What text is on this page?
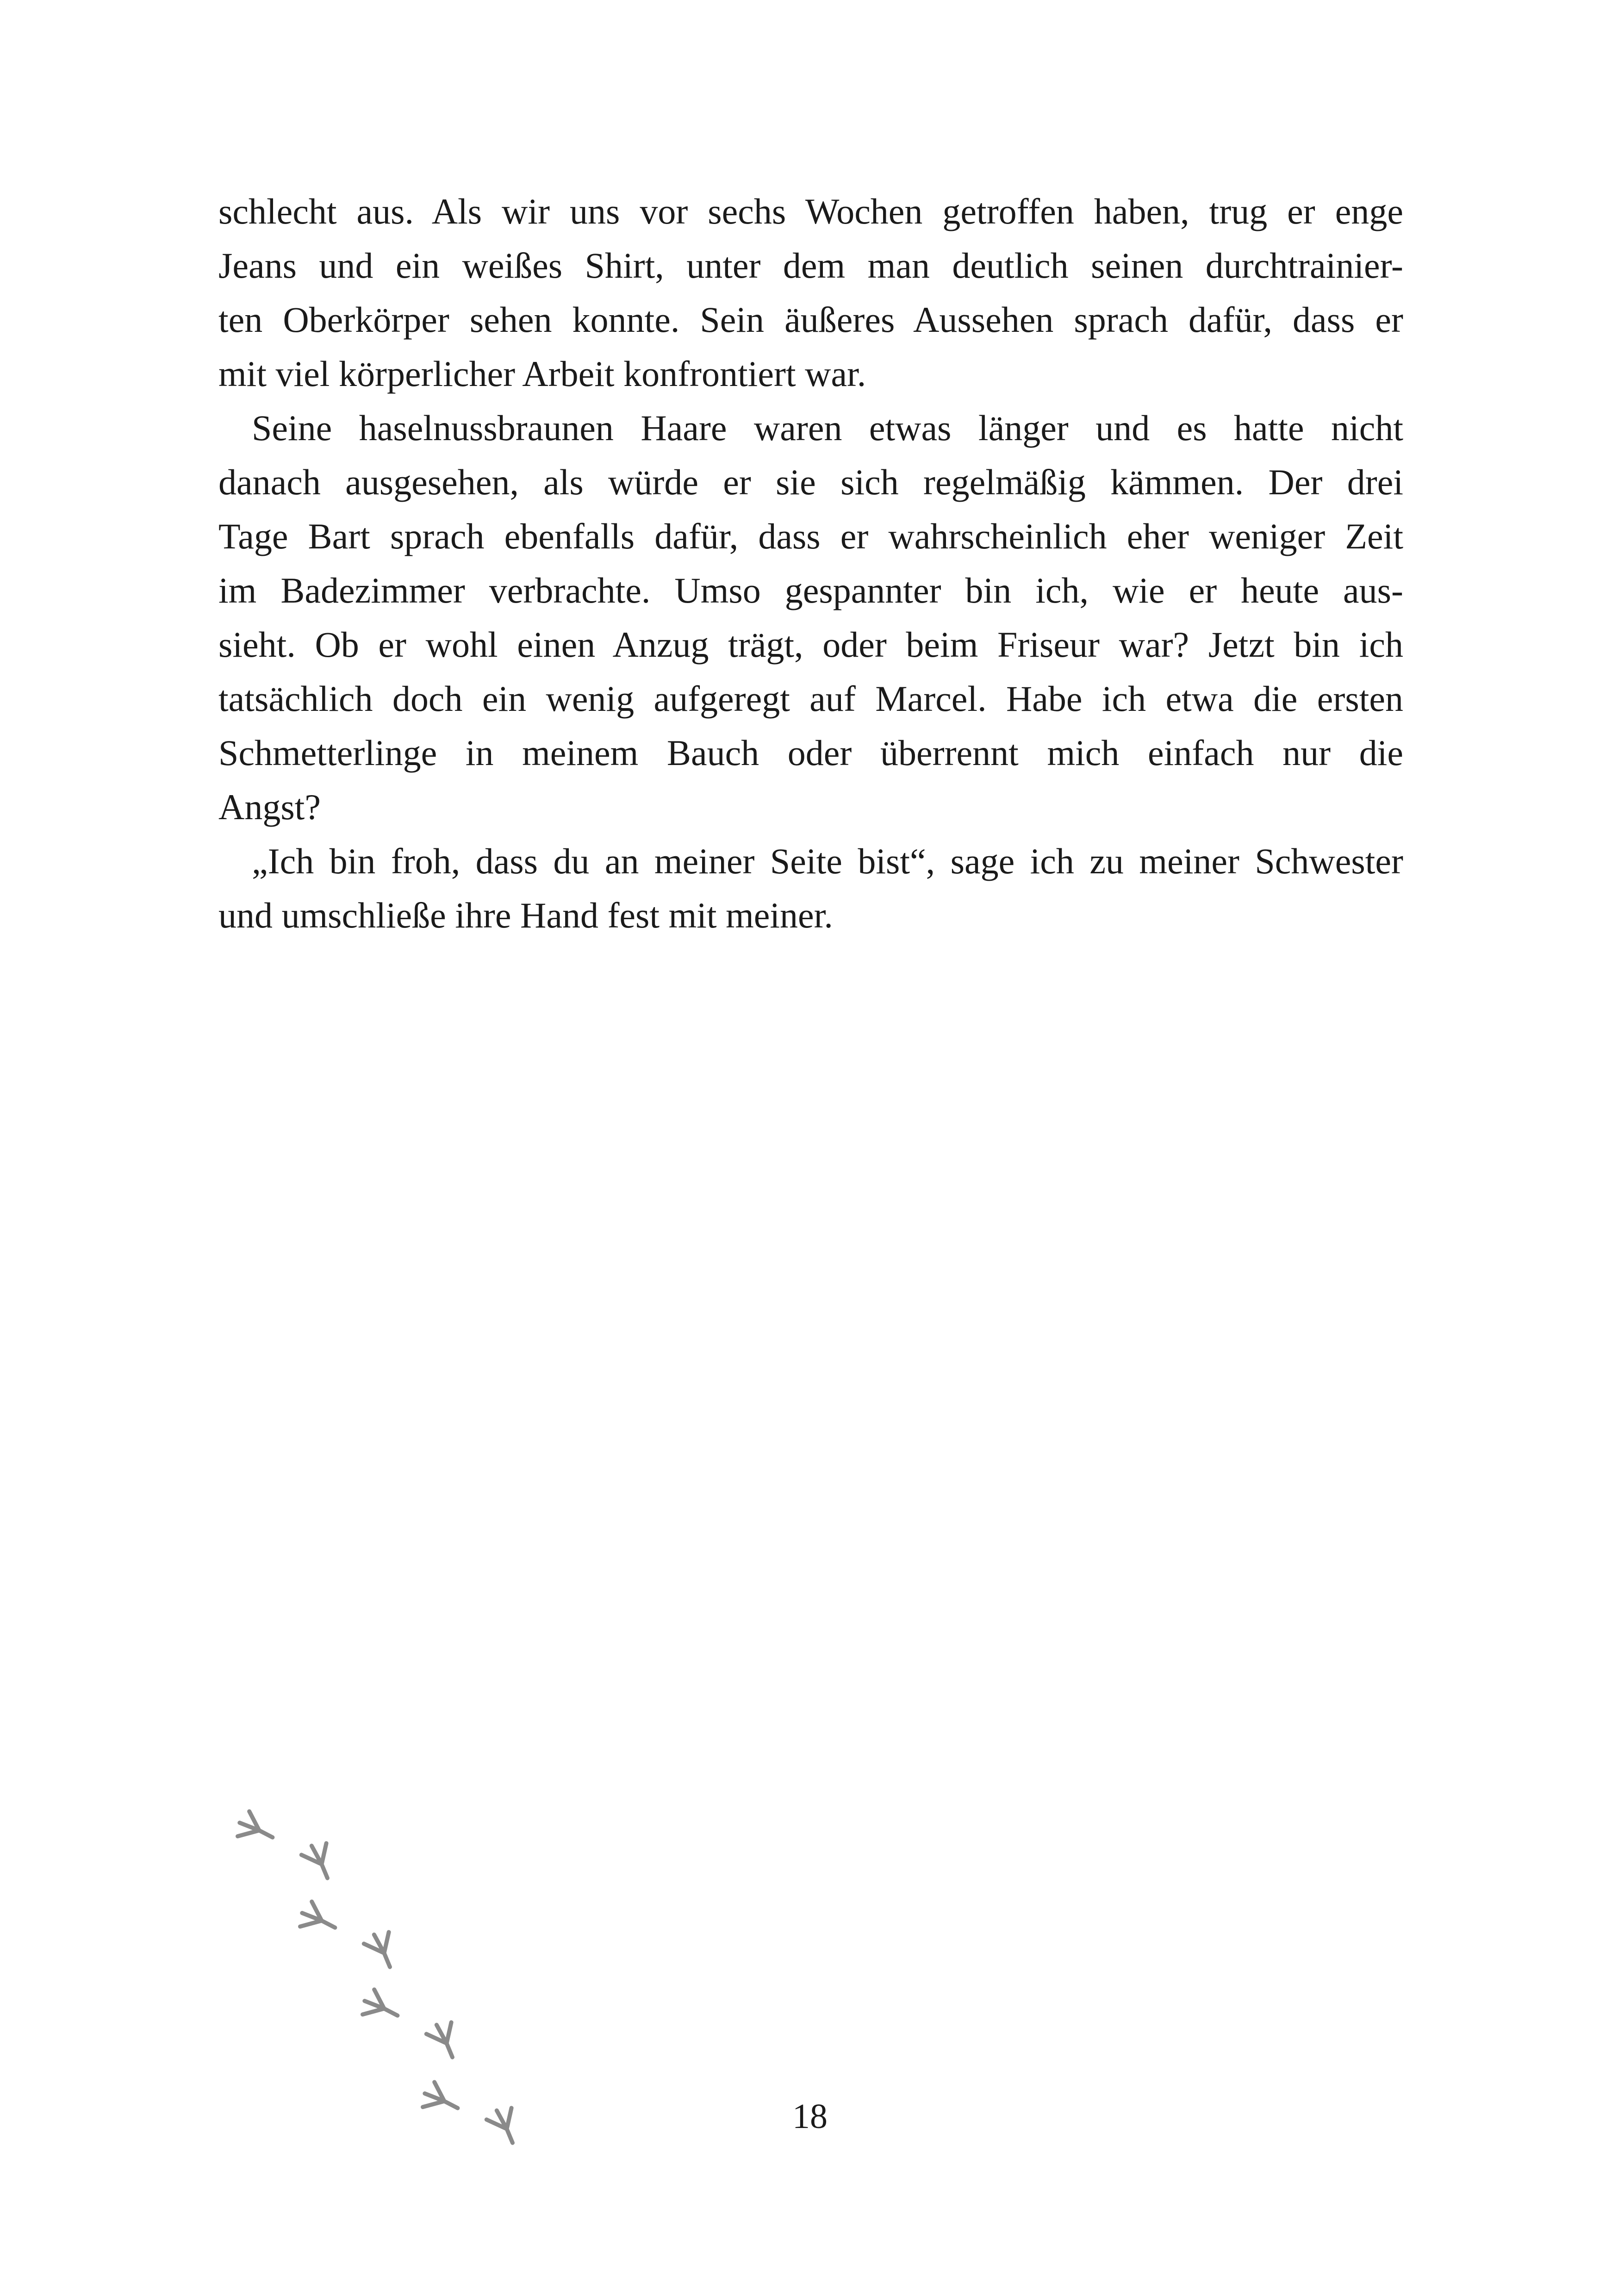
schlecht aus. Als wir uns vor sechs Wochen getroffen haben, trug er enge
Jeans und ein weißes Shirt, unter dem man deutlich seinen durchtrainier-
ten Oberkörper sehen konnte. Sein äußeres Aussehen sprach dafür, dass er
mit viel körperlicher Arbeit konfrontiert war.
Seine haselnussbraunen Haare waren etwas länger und es hatte nicht
danach ausgesehen, als würde er sie sich regelmäßig kämmen. Der drei
Tage Bart sprach ebenfalls dafür, dass er wahrscheinlich eher weniger Zeit
im Badezimmer verbrachte. Umso gespannter bin ich, wie er heute aus-
sieht. Ob er wohl einen Anzug trägt, oder beim Friseur war? Jetzt bin ich
tatsächlich doch ein wenig aufgeregt auf Marcel. Habe ich etwa die ersten
Schmetterlinge in meinem Bauch oder überrennt mich einfach nur die
Angst?
„Ich bin froh, dass du an meiner Seite bist“, sage ich zu meiner Schwester
und umschließe ihre Hand fest mit meiner.
18
